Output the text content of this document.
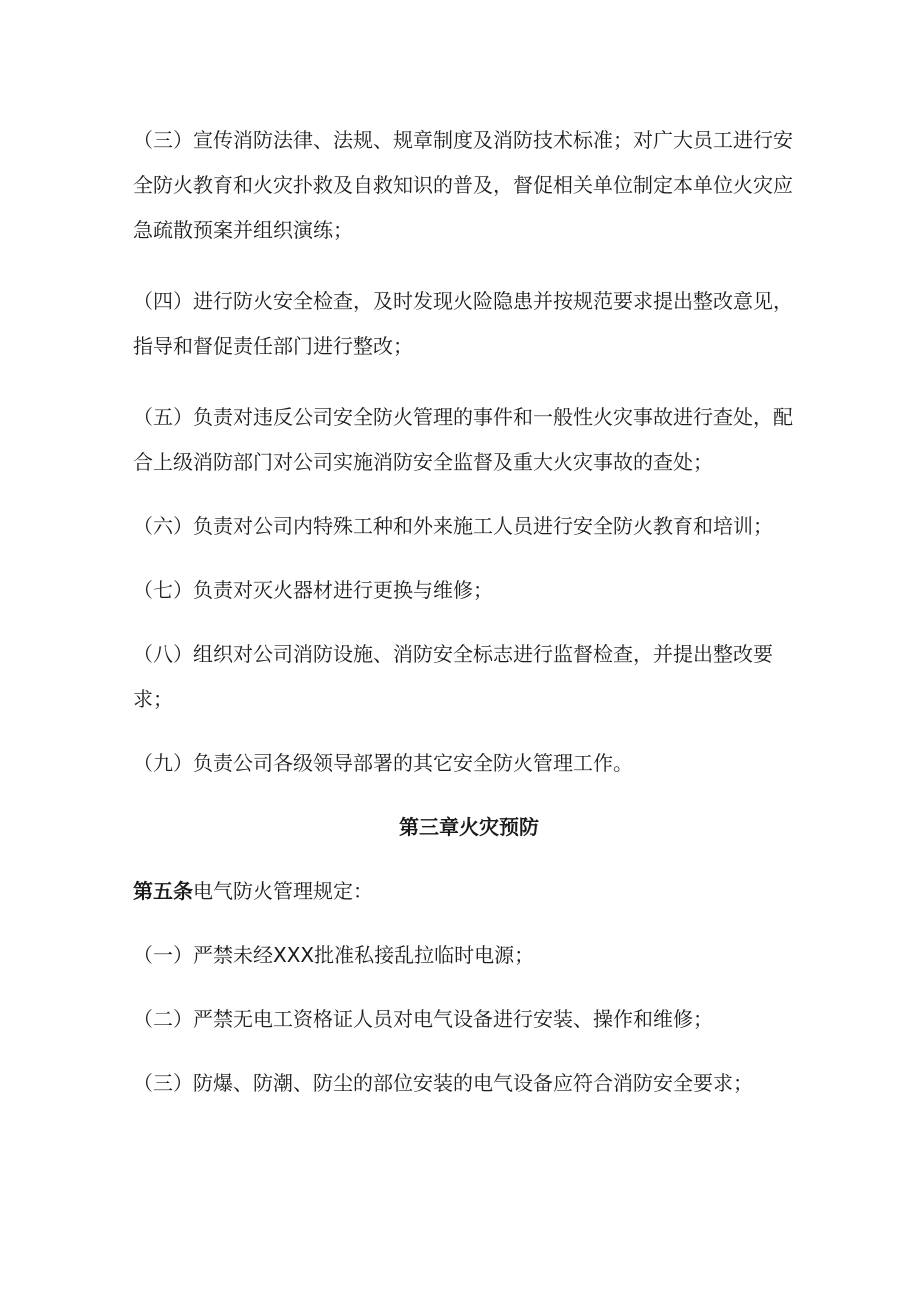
（三）宣传消防法律、法规、规章制度及消防技术标准；对广大员工进行安全防火教育和火灾扑救及自救知识的普及，督促相关单位制定本单位火灾应急疏散预案并组织演练；

（四）进行防火安全检查，及时发现火险隐患并按规范要求提出整改意见，指导和督促责任部门进行整改；

（五）负责对违反公司安全防火管理的事件和一般性火灾事故进行查处，配合上级消防部门对公司实施消防安全监督及重大火灾事故的查处；

（六）负责对公司内特殊工种和外来施工人员进行安全防火教育和培训；

（七）负责对灭火器材进行更换与维修；

（八）组织对公司消防设施、消防安全标志进行监督检查，并提出整改要求；

（九）负责公司各级领导部署的其它安全防火管理工作。

第三章火灾预防

第五条电气防火管理规定：

（一）严禁未经XXX批准私接乱拉临时电源；

（二）严禁无电工资格证人员对电气设备进行安装、操作和维修；

（三）防爆、防潮、防尘的部位安装的电气设备应符合消防安全要求；
